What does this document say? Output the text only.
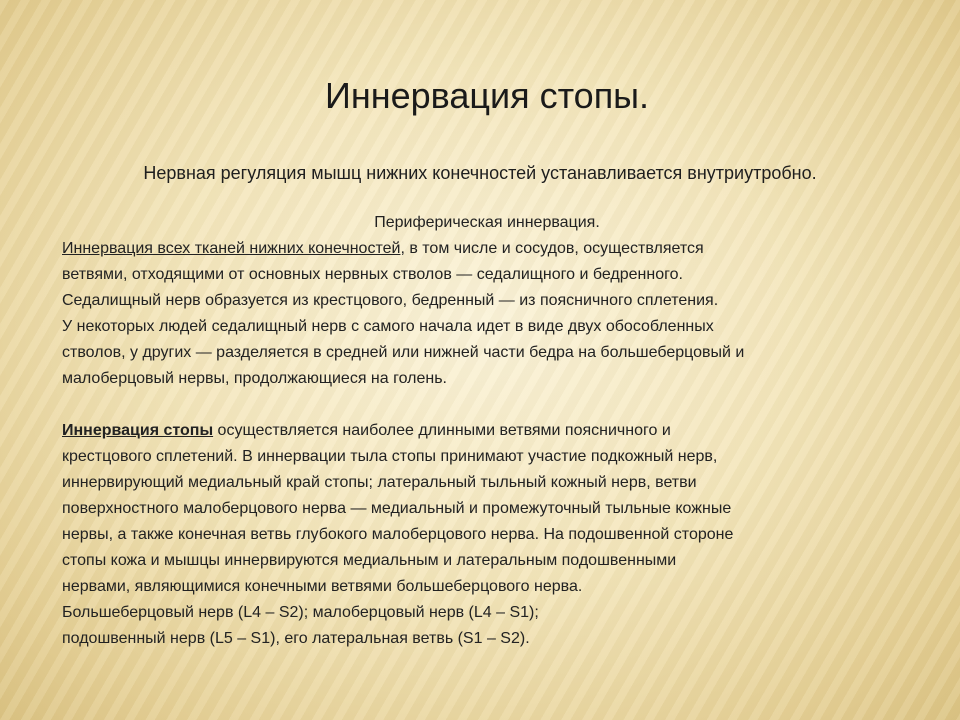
Иннервация стопы.

Нервная регуляция мышц нижних конечностей устанавливается внутриутробно.

Периферическая иннервация.

Иннервация всех тканей нижних конечностей, в том числе и сосудов, осуществляется

ветвями, отходящими от основных нервных стволов — седалищного и бедренного.

Седалищный нерв образуется из крестцового, бедренный — из поясничного сплетения.

У некоторых людей седалищный нерв с самого начала идет в виде двух обособленных

стволов, у других — разделяется в средней или нижней части бедра на большеберцовый и

малоберцовый нервы, продолжающиеся на голень.

Иннервация стопы осуществляется наиболее длинными ветвями поясничного и

крестцового сплетений. В иннервации тыла стопы принимают участие подкожный нерв,

иннервирующий медиальный край стопы; латеральный тыльный кожный нерв, ветви

поверхностного малоберцового нерва — медиальный и промежуточный тыльные кожные

нервы, а также конечная ветвь глубокого малоберцового нерва. На подошвенной стороне

стопы кожа и мышцы иннервируются медиальным и латеральным подошвенными

нервами, являющимися конечными ветвями большеберцового нерва.

Большеберцовый нерв (L4 – S2); малоберцовый нерв (L4 – S1);

подошвенный нерв (L5 – S1), его латеральная ветвь (S1 – S2).
